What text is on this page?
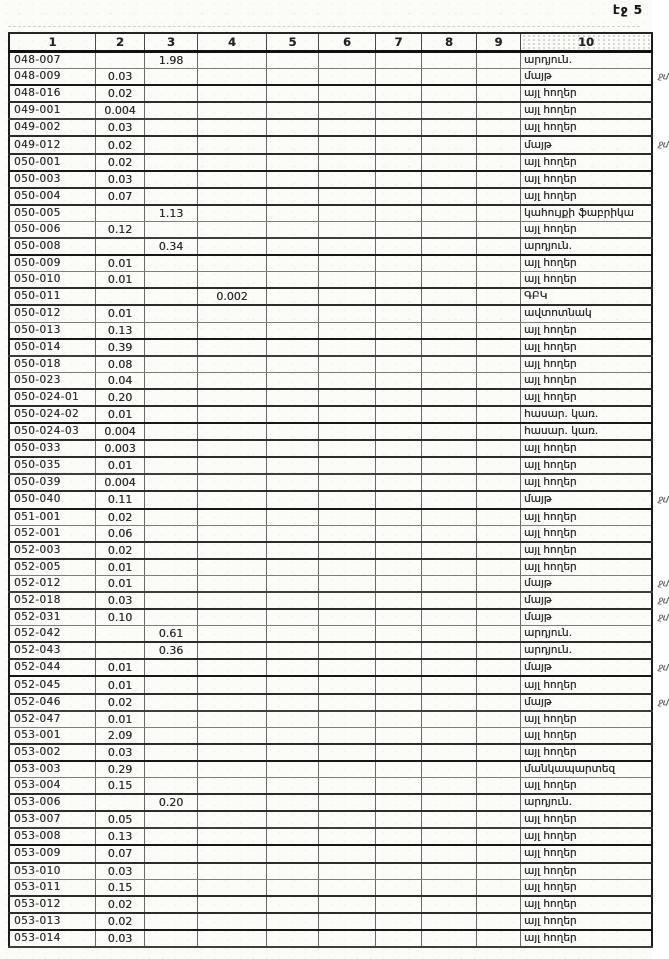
էջ 5
1	2	3	4	5	6	7	8	9	10
048-007		1.98							արդյուն.

048-009	0.03								մայթ ջմ

048-016	0.02								այլ հողեր

049-001	0.004								այլ հողեր

049-002	0.03								այլ հողեր

049-012	0.02								մայթ ջմ

050-001	0.02								այլ հողեր

050-003	0.03								այլ հողեր

050-004	0.07								այլ հողեր

050-005		1.13							կահույքի ֆաբրիկա

050-006	0.12								այլ հողեր

050-008		0.34							արդյուն.

050-009	0.01								այլ հողեր

050-010	0.01								այլ հողեր

050-011			0.002						ԳԲԿ

050-012	0.01								ավտոտնակ

050-013	0.13								այլ հողեր

050-014	0.39								այլ հողեր

050-018	0.08								այլ հողեր

050-023	0.04								այլ հողեր

050-024-01	0.20								այլ հողեր

050-024-02	0.01								հասար. կառ.

050-024-03	0.004								հասար. կառ.

050-033	0.003								այլ հողեր

050-035	0.01								այլ հողեր

050-039	0.004								այլ հողեր

050-040	0.11								մայթ ջմ

051-001	0.02								այլ հողեր

052-001	0.06								այլ հողեր

052-003	0.02								այլ հողեր

052-005	0.01								այլ հողեր

052-012	0.01								մայթ ջմ

052-018	0.03								մայթ ջմ

052-031	0.10								մայթ ջմ

052-042		0.61							արդյուն.

052-043		0.36							արդյուն.

052-044	0.01								մայթ ջմ

052-045	0.01								այլ հողեր

052-046	0.02								մայթ ջմ

052-047	0.01								այլ հողեր

053-001	2.09								այլ հողեր

053-002	0.03								այլ հողեր

053-003	0.29								մանկապարտեզ

053-004	0.15								այլ հողեր

053-006		0.20							արդյուն.

053-007	0.05								այլ հողեր

053-008	0.13								այլ հողեր

053-009	0.07								այլ հողեր

053-010	0.03								այլ հողեր

053-011	0.15								այլ հողեր

053-012	0.02								այլ հողեր

053-013	0.02								այլ հողեր

053-014	0.03								այլ հողեր
